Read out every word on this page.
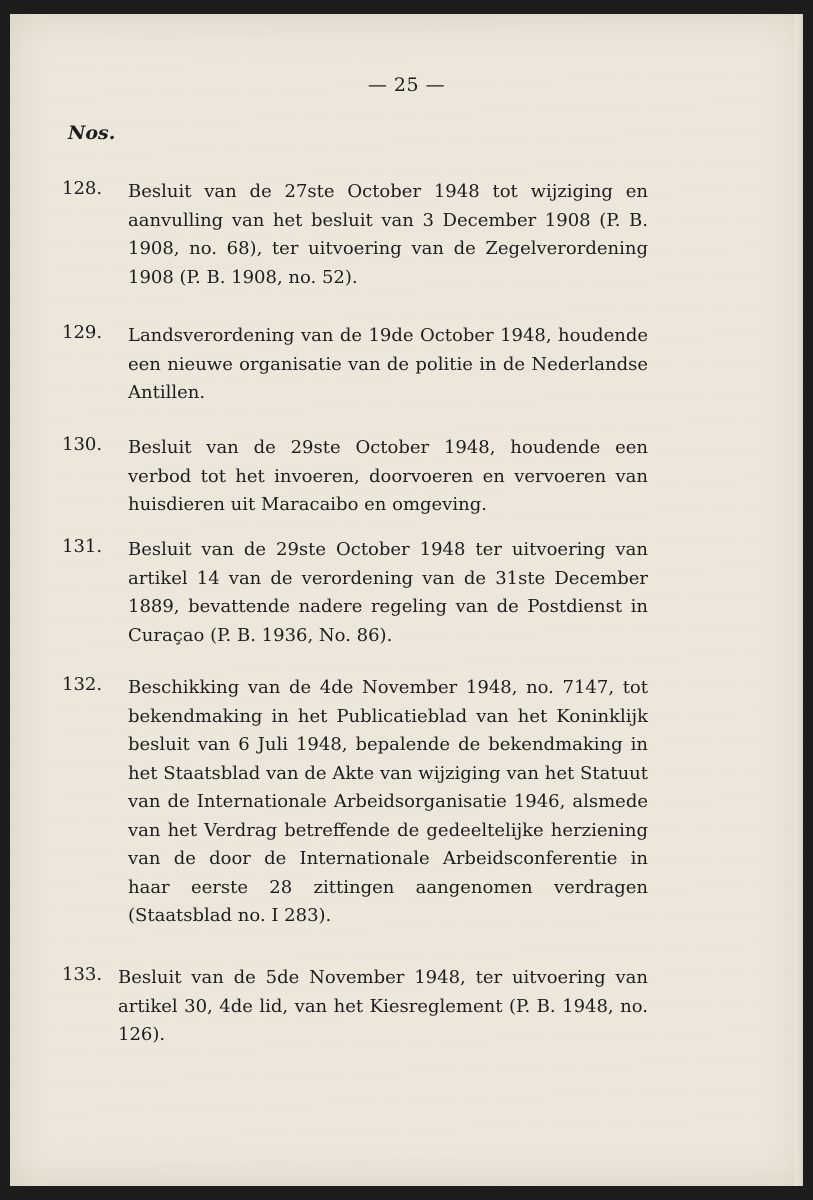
— 25 —
Nos.
128. Besluit van de 27ste October 1948 tot wijziging en aanvulling van het besluit van 3 December 1908 (P. B. 1908, no. 68), ter uitvoering van de Zegelverordening 1908 (P. B. 1908, no. 52).
129. Landsverordening van de 19de October 1948, houdende een nieuwe organisatie van de politie in de Nederlandse Antillen.
130. Besluit van de 29ste October 1948, houdende een verbod tot het invoeren, doorvoeren en vervoeren van huisdieren uit Maracaibo en omgeving.
131. Besluit van de 29ste October 1948 ter uitvoering van artikel 14 van de verordening van de 31ste December 1889, bevattende nadere regeling van de Postdienst in Curaçao (P. B. 1936, No. 86).
132. Beschikking van de 4de November 1948, no. 7147, tot bekendmaking in het Publicatieblad van het Koninklijk besluit van 6 Juli 1948, bepalende de bekendmaking in het Staatsblad van de Akte van wijziging van het Statuut van de Internationale Arbeidsorganisatie 1946, alsmede van het Verdrag betreffende de gedeeltelijke herziening van de door de Internationale Arbeidsconferentie in haar eerste 28 zittingen aangenomen verdragen (Staatsblad no. I 283).
133. Besluit van de 5de November 1948, ter uitvoering van artikel 30, 4de lid, van het Kiesreglement (P. B. 1948, no. 126).
